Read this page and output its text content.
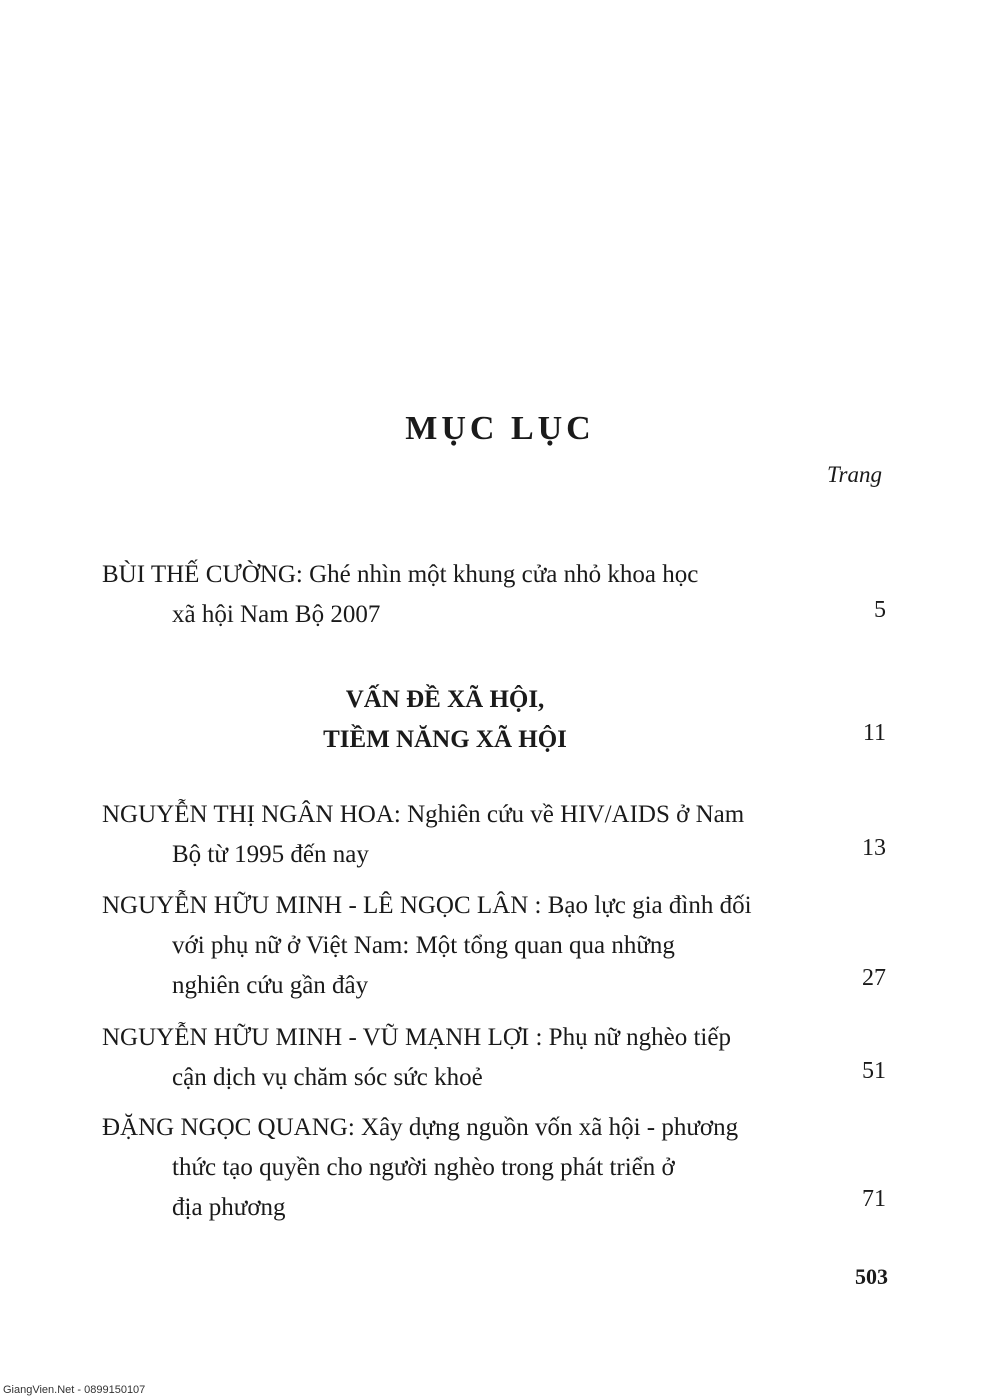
MỤC LỤC
Trang
BÙI THẾ CƯỜNG: Ghé nhìn một khung cửa nhỏ khoa học
xã hội Nam Bộ 2007	5
VẤN ĐỀ XÃ HỘI,
TIỀM NĂNG XÃ HỘI	11
NGUYỄN THỊ NGÂN HOA: Nghiên cứu về HIV/AIDS ở Nam
Bộ từ 1995 đến nay	13
NGUYỄN HỮU MINH - LÊ NGỌC LÂN : Bạo lực gia đình đối
với phụ nữ ở Việt Nam: Một tổng quan qua những
nghiên cứu gần đây	27
NGUYỄN HỮU MINH - VŨ MẠNH LỢI : Phụ nữ nghèo tiếp
cận dịch vụ chăm sóc sức khoẻ	51
ĐẶNG NGỌC QUANG: Xây dựng nguồn vốn xã hội - phương
thức tạo quyền cho người nghèo trong phát triển ở
địa phương	71
503
GiangVien.Net - 0899150107
